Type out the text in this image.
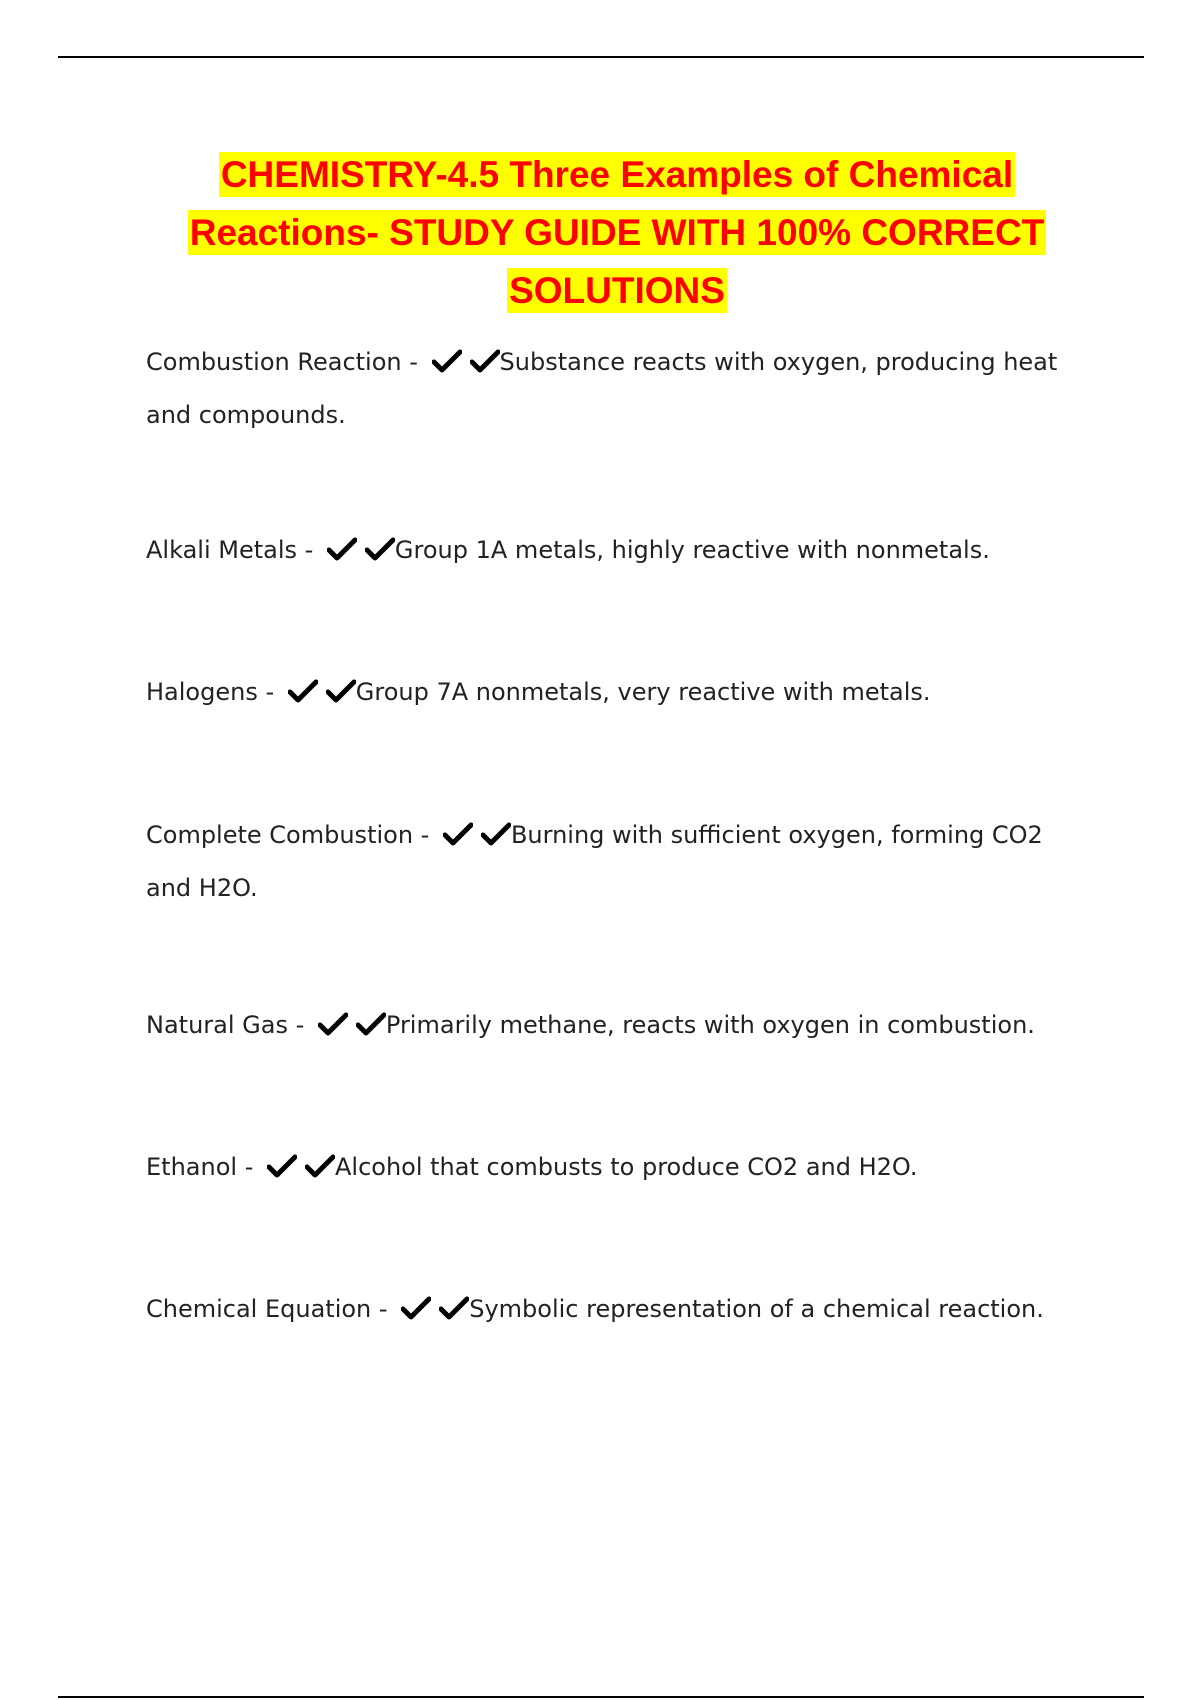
CHEMISTRY-4.5 Three Examples of Chemical Reactions- STUDY GUIDE WITH 100% CORRECT SOLUTIONS
Combustion Reaction -	Substance reacts with oxygen, producing heat and compounds.
Alkali Metals -	Group 1A metals, highly reactive with nonmetals.
Halogens -	Group 7A nonmetals, very reactive with metals.
Complete Combustion -	Burning with sufficient oxygen, forming CO2 and H2O.
Natural Gas -	Primarily methane, reacts with oxygen in combustion.
Ethanol -	Alcohol that combusts to produce CO2 and H2O.
Chemical Equation -	Symbolic representation of a chemical reaction.
